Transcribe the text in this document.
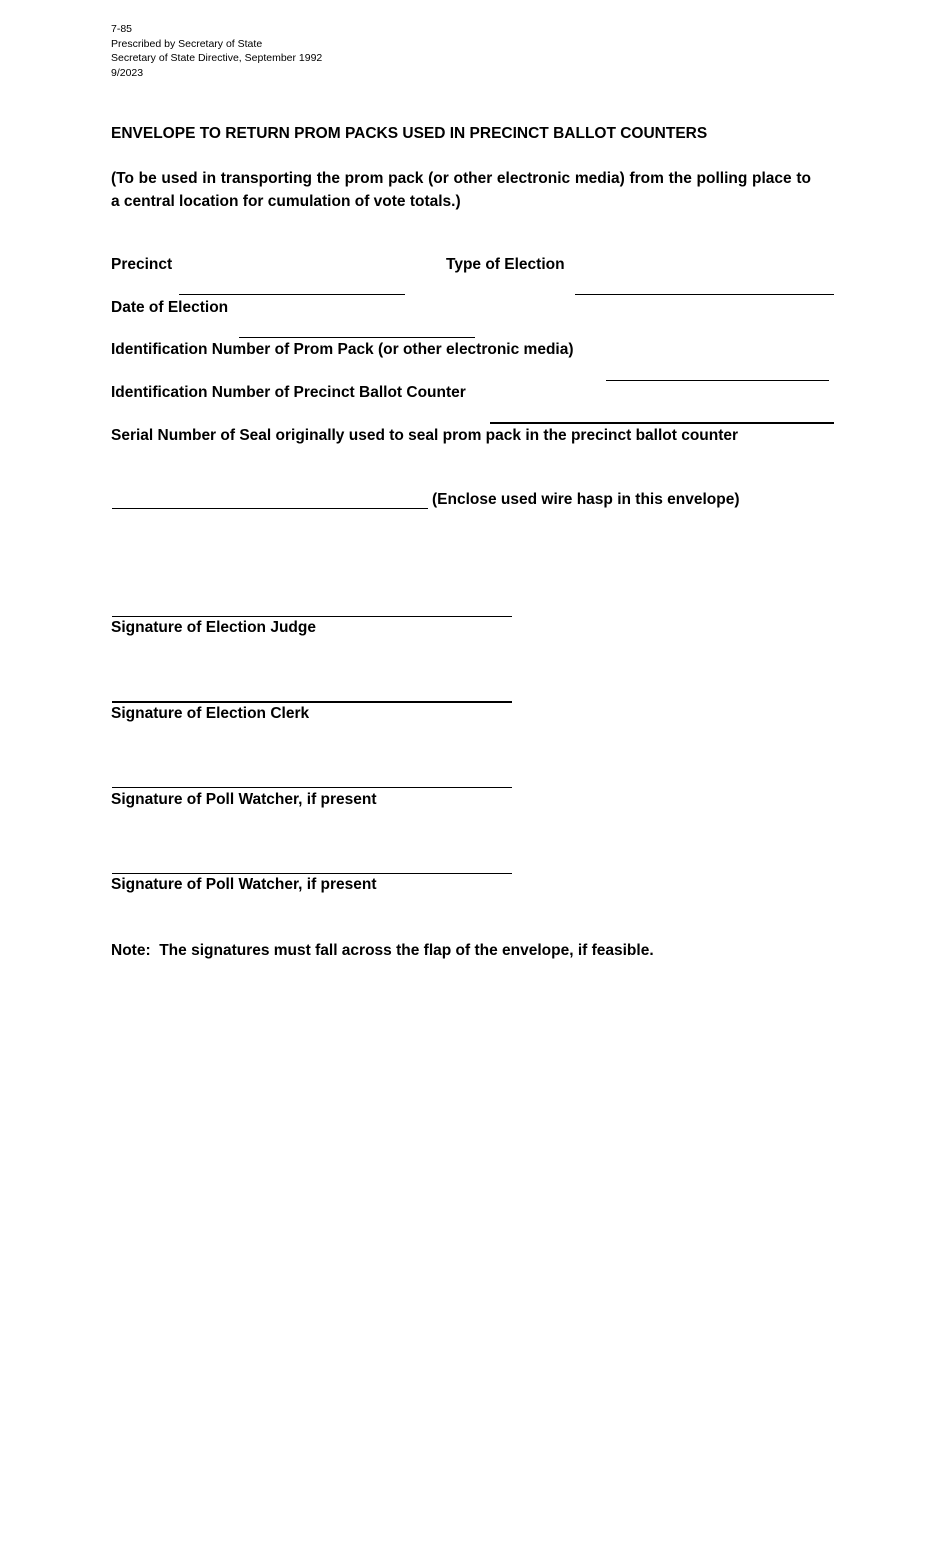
7-85
Prescribed by Secretary of State
Secretary of State Directive, September 1992
9/2023
ENVELOPE TO RETURN PROM PACKS USED IN PRECINCT BALLOT COUNTERS
(To be used in transporting the prom pack (or other electronic media) from the polling place to a central location for cumulation of vote totals.)
Precinct	Type of Election
Date of Election
Identification Number of Prom Pack (or other electronic media)
Identification Number of Precinct Ballot Counter
Serial Number of Seal originally used to seal prom pack in the precinct ballot counter
(Enclose used wire hasp in this envelope)
Signature of Election Judge
Signature of Election Clerk
Signature of Poll Watcher, if present
Signature of Poll Watcher, if present
Note:  The signatures must fall across the flap of the envelope, if feasible.
